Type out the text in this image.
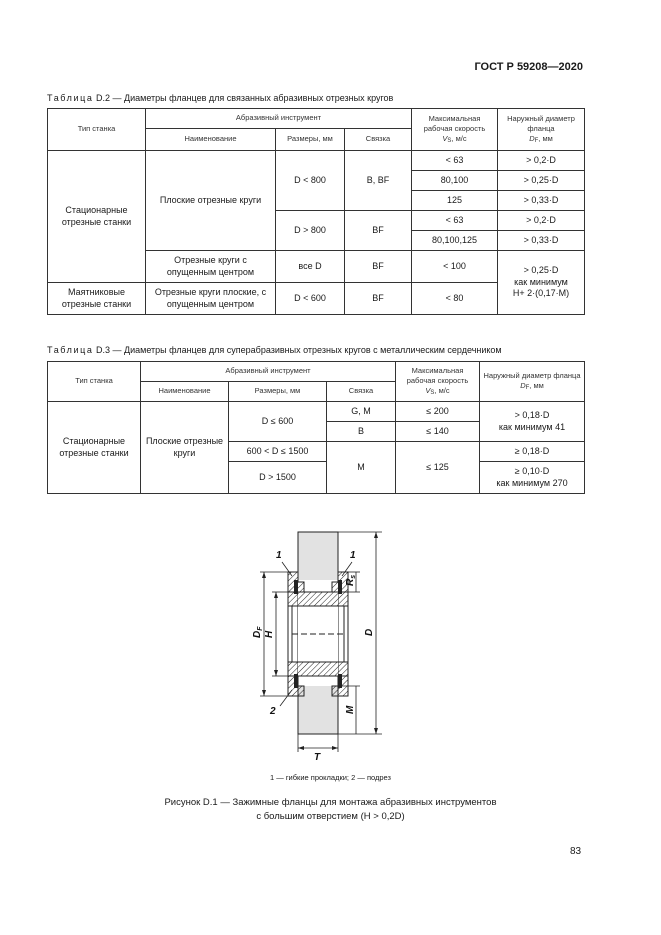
ГОСТ Р 59208—2020
Таблица D.2 — Диаметры фланцев для связанных абразивных отрезных кругов
Тип станка	Абразивный инструмент			Максимальная рабочая скорость
VS, м/с	Наружный диаметр фланца
DF, мм
	Наименование	Размеры, мм	Связка		
Стационарные отрезные станки	Плоские отрезные круги	D < 800	B, BF	< 63	> 0,2·D
				80,100	> 0,25·D
				125	> 0,33·D
		D > 800	BF	< 63	> 0,2·D
				80,100,125	> 0,33·D
	Отрезные круги с опущенным центром	все D	BF	< 100	> 0,25·D
как минимум
H+ 2·(0,17·M)
Маятниковые отрезные станки	Отрезные круги плоские, с опущенным центром	D < 600	BF	< 80	
Таблица D.3 — Диаметры фланцев для суперабразивных отрезных кругов с металлическим сердечником
Тип станка	Абразивный инструмент			Максимальная рабочая скорость
VS, м/с	Наружный диаметр фланца
DF, мм
	Наименование	Размеры, мм	Связка		
Стационарные отрезные станки	Плоские отрезные круги	D ≤ 600	G, M	≤ 200	> 0,18·D
как минимум 41
			B	≤ 140	
		600 < D ≤ 1500	M	≤ 125	≥ 0,18·D
		D > 1500			≥ 0,10·D
как минимум 270
1	1
2
$D_F$
H
$R_s$
D
M
T
1 — гибкие прокладки; 2 — подрез
Рисунок D.1 — Зажимные фланцы для монтажа абразивных инструментов
с большим отверстием (H > 0,2D)
83
